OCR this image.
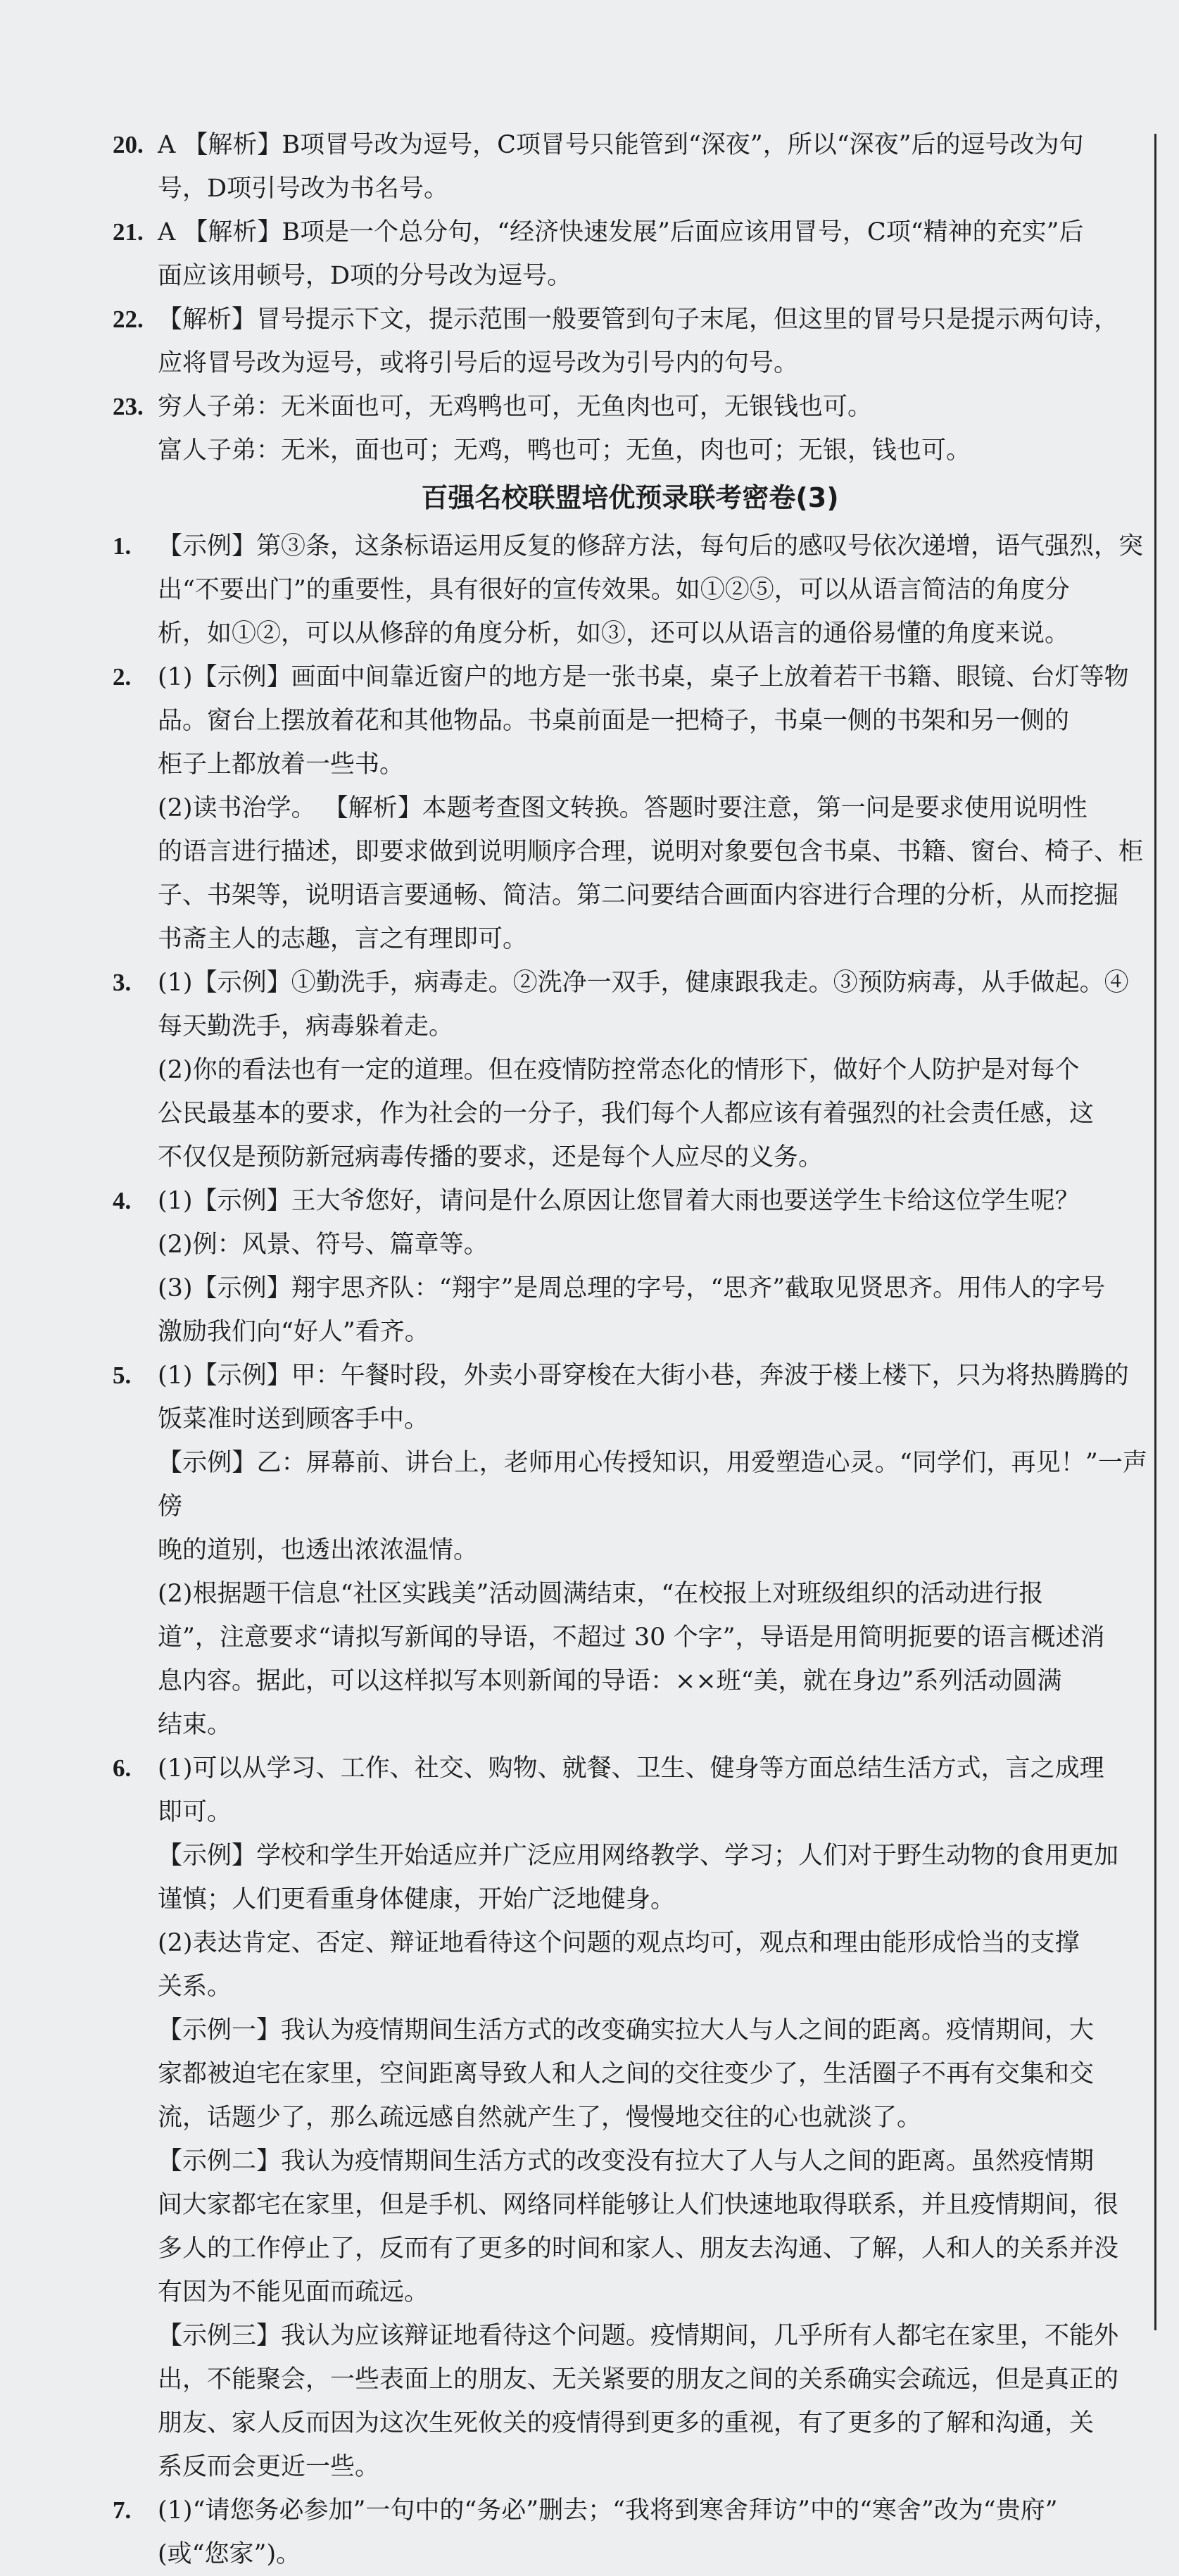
20. A 【解析】B项冒号改为逗号，C项冒号只能管到“深夜”，所以“深夜”后的逗号改为句
号，D项引号改为书名号。
21. A 【解析】B项是一个总分句，“经济快速发展”后面应该用冒号，C项“精神的充实”后
面应该用顿号，D项的分号改为逗号。
22. 【解析】冒号提示下文，提示范围一般要管到句子末尾，但这里的冒号只是提示两句诗，
应将冒号改为逗号，或将引号后的逗号改为引号内的句号。
23. 穷人子弟：无米面也可，无鸡鸭也可，无鱼肉也可，无银钱也可。
富人子弟：无米，面也可；无鸡，鸭也可；无鱼，肉也可；无银，钱也可。
百强名校联盟培优预录联考密卷(3)
1.	【示例】第③条，这条标语运用反复的修辞方法，每句后的感叹号依次递增，语气强烈，突
出“不要出门”的重要性，具有很好的宣传效果。如①②⑤，可以从语言简洁的角度分
析，如①②，可以从修辞的角度分析，如③，还可以从语言的通俗易懂的角度来说。
2.	(1)【示例】画面中间靠近窗户的地方是一张书桌，桌子上放着若干书籍、眼镜、台灯等物
品。窗台上摆放着花和其他物品。书桌前面是一把椅子，书桌一侧的书架和另一侧的
柜子上都放着一些书。
(2)读书治学。 【解析】本题考查图文转换。答题时要注意，第一问是要求使用说明性
的语言进行描述，即要求做到说明顺序合理，说明对象要包含书桌、书籍、窗台、椅子、柜
子、书架等，说明语言要通畅、简洁。第二问要结合画面内容进行合理的分析，从而挖掘
书斋主人的志趣，言之有理即可。
3.	(1)【示例】①勤洗手，病毒走。②洗净一双手，健康跟我走。③预防病毒，从手做起。④
每天勤洗手，病毒躲着走。
(2)你的看法也有一定的道理。但在疫情防控常态化的情形下，做好个人防护是对每个
公民最基本的要求，作为社会的一分子，我们每个人都应该有着强烈的社会责任感，这
不仅仅是预防新冠病毒传播的要求，还是每个人应尽的义务。
4.	(1)【示例】王大爷您好，请问是什么原因让您冒着大雨也要送学生卡给这位学生呢？
(2)例：风景、符号、篇章等。
(3)【示例】翔宇思齐队：“翔宇”是周总理的字号，“思齐”截取见贤思齐。用伟人的字号
激励我们向“好人”看齐。
5.	(1)【示例】甲：午餐时段，外卖小哥穿梭在大街小巷，奔波于楼上楼下，只为将热腾腾的
饭菜准时送到顾客手中。
【示例】乙：屏幕前、讲台上，老师用心传授知识，用爱塑造心灵。“同学们，再见！”一声傍
晚的道别，也透出浓浓温情。
(2)根据题干信息“社区实践美”活动圆满结束，“在校报上对班级组织的活动进行报
道”，注意要求“请拟写新闻的导语，不超过 30 个字”，导语是用简明扼要的语言概述消
息内容。据此，可以这样拟写本则新闻的导语：××班“美，就在身边”系列活动圆满
结束。
6.	(1)可以从学习、工作、社交、购物、就餐、卫生、健身等方面总结生活方式，言之成理
即可。
【示例】学校和学生开始适应并广泛应用网络教学、学习；人们对于野生动物的食用更加
谨慎；人们更看重身体健康，开始广泛地健身。
(2)表达肯定、否定、辩证地看待这个问题的观点均可，观点和理由能形成恰当的支撑
关系。
【示例一】我认为疫情期间生活方式的改变确实拉大人与人之间的距离。疫情期间，大
家都被迫宅在家里，空间距离导致人和人之间的交往变少了，生活圈子不再有交集和交
流，话题少了，那么疏远感自然就产生了，慢慢地交往的心也就淡了。
【示例二】我认为疫情期间生活方式的改变没有拉大了人与人之间的距离。虽然疫情期
间大家都宅在家里，但是手机、网络同样能够让人们快速地取得联系，并且疫情期间，很
多人的工作停止了，反而有了更多的时间和家人、朋友去沟通、了解，人和人的关系并没
有因为不能见面而疏远。
【示例三】我认为应该辩证地看待这个问题。疫情期间，几乎所有人都宅在家里，不能外
出，不能聚会，一些表面上的朋友、无关紧要的朋友之间的关系确实会疏远，但是真正的
朋友、家人反而因为这次生死攸关的疫情得到更多的重视，有了更多的了解和沟通，关
系反而会更近一些。
7.	(1)“请您务必参加”一句中的“务必”删去；“我将到寒舍拜访”中的“寒舍”改为“贵府”
(或“您家”)。
